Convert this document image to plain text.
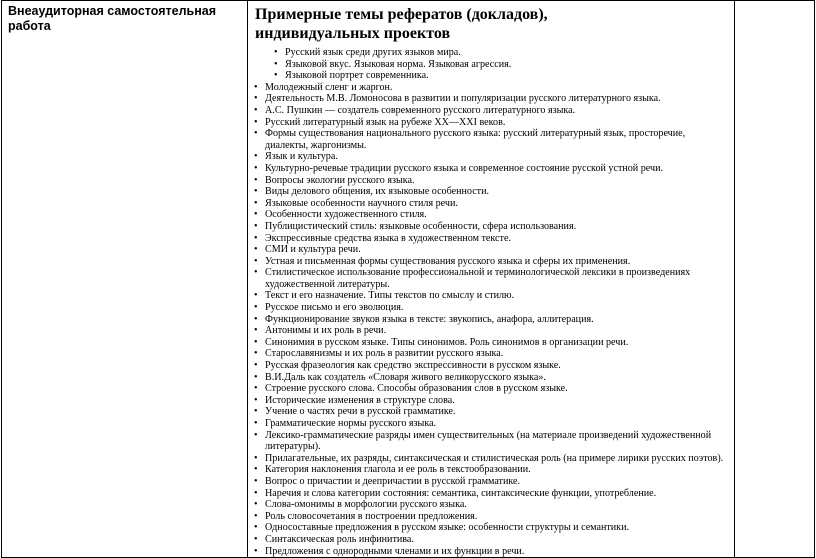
Внеаудиторная самостоятельная работа
Примерные темы рефератов (докладов),
индивидуальных проектов
• Русский язык среди других языков мира.
• Языковой вкус. Языковая норма. Языковая агрессия.
• Языковой портрет современника.
• Молодежный сленг и жаргон.
• Деятельность М.В. Ломоносова в развитии и популяризации русского литературного языка.
• А.С. Пушкин — создатель современного русского литературного языка.
• Русский литературный язык на рубеже XX—XXI веков.
• Формы существования национального русского языка: русский литературный язык, просторечие, диалекты, жаргонизмы.
• Язык и культура.
• Культурно-речевые традиции русского языка и современное состояние русской устной речи.
• Вопросы экологии русского языка.
• Виды делового общения, их языковые особенности.
• Языковые особенности научного стиля речи.
• Особенности художественного стиля.
• Публицистический стиль: языковые особенности, сфера использования.
• Экспрессивные средства языка в художественном тексте.
• СМИ и культура речи.
• Устная и письменная формы существования русского языка и сферы их применения.
• Стилистическое использование профессиональной и терминологической лексики в произведениях художественной литературы.
• Текст и его назначение. Типы текстов по смыслу и стилю.
• Русское письмо и его эволюция.
• Функционирование звуков языка в тексте: звукопись, анафора, аллитерация.
• Антонимы и их роль в речи.
• Синонимия в русском языке. Типы синонимов. Роль синонимов в организации речи.
• Старославянизмы и их роль в развитии русского языка.
• Русская фразеология как средство экспрессивности в русском языке.
• В.И.Даль как создатель «Словаря живого великорусского языка».
• Строение русского слова. Способы образования слов в русском языке.
• Исторические изменения в структуре слова.
• Учение о частях речи в русской грамматике.
• Грамматические нормы русского языка.
• Лексико-грамматические разряды имен существительных (на материале произведений художественной литературы).
• Прилагательные, их разряды, синтаксическая и стилистическая роль (на примере лирики русских поэтов).
• Категория наклонения глагола и ее роль в текстообразовании.
• Вопрос о причастии и деепричастии в русской грамматике.
• Наречия и слова категории состояния: семантика, синтаксические функции, употребление.
• Слова-омонимы в морфологии русского языка.
• Роль словосочетания в построении предложения.
• Односоставные предложения в русском языке: особенности структуры и семантики.
• Синтаксическая роль инфинитива.
• Предложения с однородными членами и их функции в речи.
